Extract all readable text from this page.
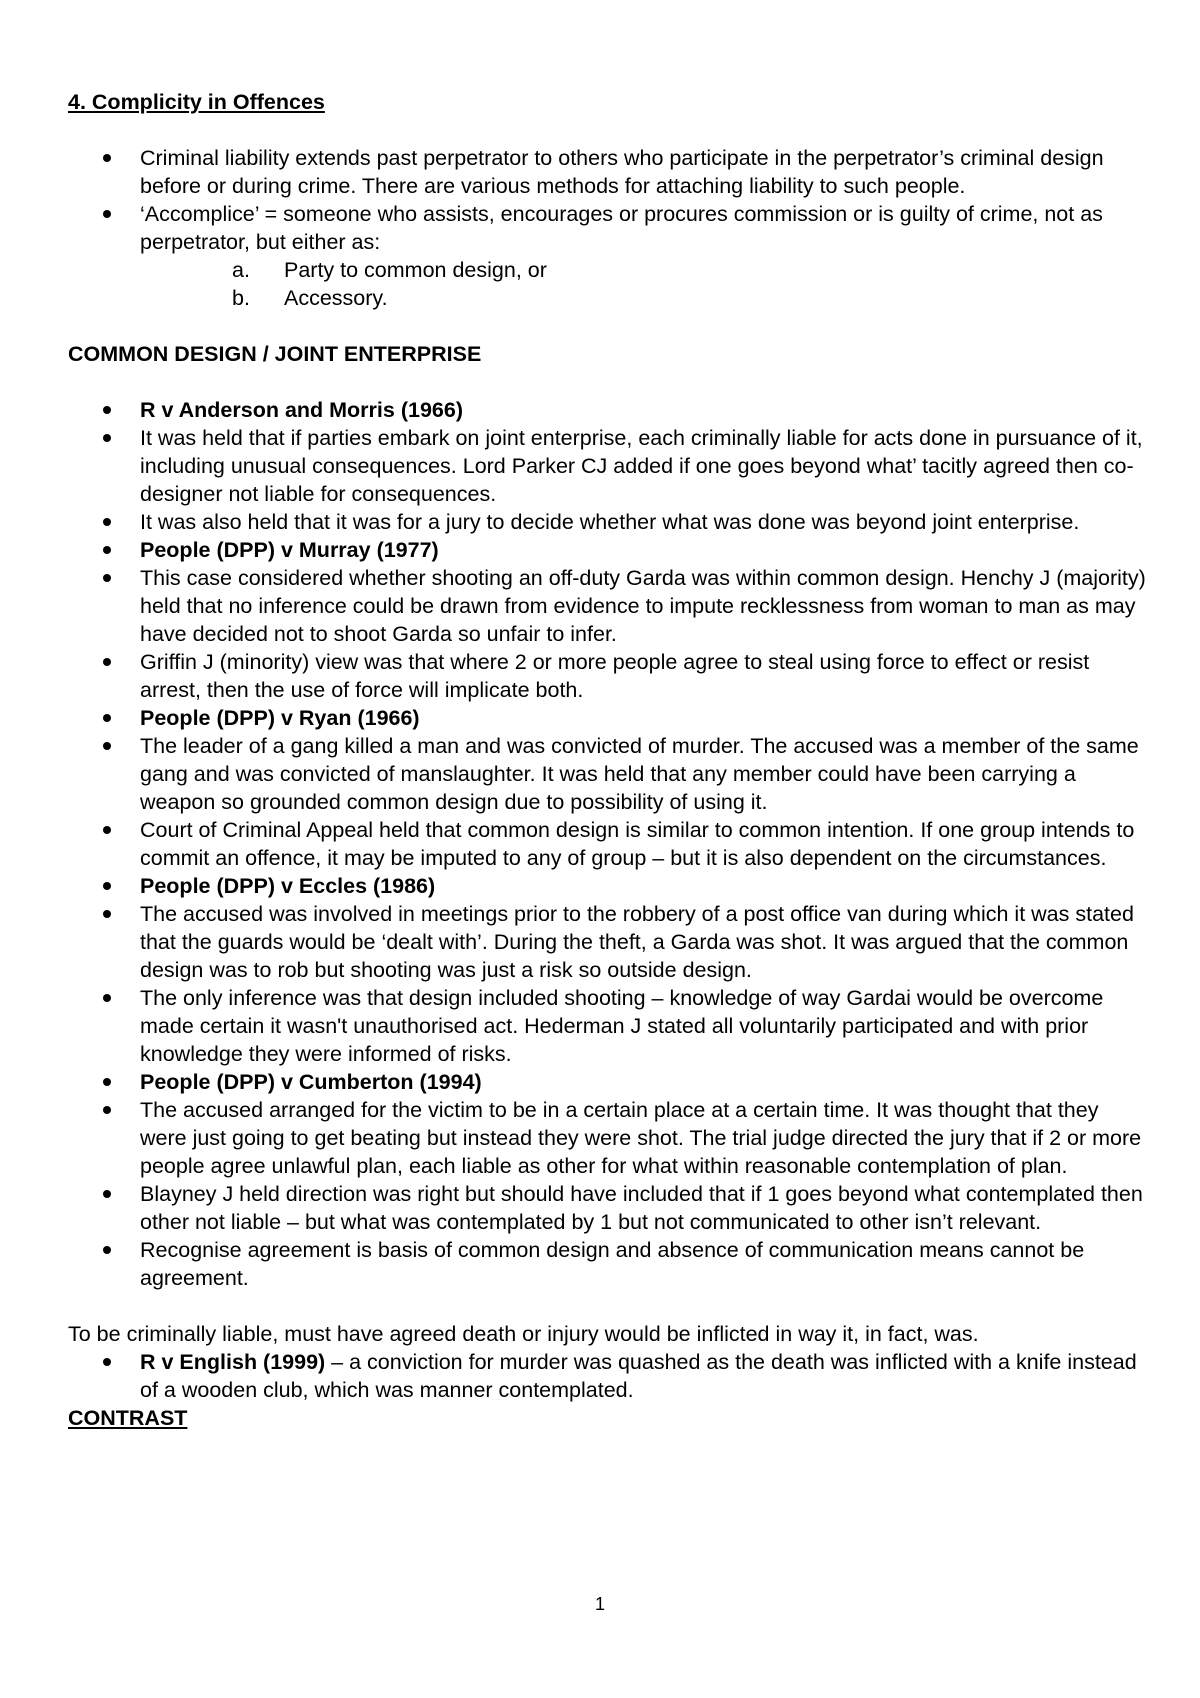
4. Complicity in Offences

Criminal liability extends past perpetrator to others who participate in the perpetrator’s criminal design before or during crime. There are various methods for attaching liability to such people.
‘Accomplice’ = someone who assists, encourages or procures commission or is guilty of crime, not as perpetrator, but either as:
a. Party to common design, or
b. Accessory.

COMMON DESIGN / JOINT ENTERPRISE

R v Anderson and Morris (1966)
It was held that if parties embark on joint enterprise, each criminally liable for acts done in pursuance of it, including unusual consequences. Lord Parker CJ added if one goes beyond what’ tacitly agreed then co-designer not liable for consequences.
It was also held that it was for a jury to decide whether what was done was beyond joint enterprise.
People (DPP) v Murray (1977)
This case considered whether shooting an off-duty Garda was within common design. Henchy J (majority) held that no inference could be drawn from evidence to impute recklessness from woman to man as may have decided not to shoot Garda so unfair to infer.
Griffin J (minority) view was that where 2 or more people agree to steal using force to effect or resist arrest, then the use of force will implicate both.
People (DPP) v Ryan (1966)
The leader of a gang killed a man and was convicted of murder. The accused was a member of the same gang and was convicted of manslaughter. It was held that any member could have been carrying a weapon so grounded common design due to possibility of using it.
Court of Criminal Appeal held that common design is similar to common intention. If one group intends to commit an offence, it may be imputed to any of group – but it is also dependent on the circumstances.
People (DPP) v Eccles (1986)
The accused was involved in meetings prior to the robbery of a post office van during which it was stated that the guards would be ‘dealt with’. During the theft, a Garda was shot. It was argued that the common design was to rob but shooting was just a risk so outside design.
The only inference was that design included shooting – knowledge of way Gardai would be overcome made certain it wasn't unauthorised act. Hederman J stated all voluntarily participated and with prior knowledge they were informed of risks.
People (DPP) v Cumberton (1994)
The accused arranged for the victim to be in a certain place at a certain time. It was thought that they were just going to get beating but instead they were shot. The trial judge directed the jury that if 2 or more people agree unlawful plan, each liable as other for what within reasonable contemplation of plan.
Blayney J held direction was right but should have included that if 1 goes beyond what contemplated then other not liable – but what was contemplated by 1 but not communicated to other isn’t relevant.
Recognise agreement is basis of common design and absence of communication means cannot be agreement.

To be criminally liable, must have agreed death or injury would be inflicted in way it, in fact, was.

R v English (1999) – a conviction for murder was quashed as the death was inflicted with a knife instead of a wooden club, which was manner contemplated.

CONTRAST

1
